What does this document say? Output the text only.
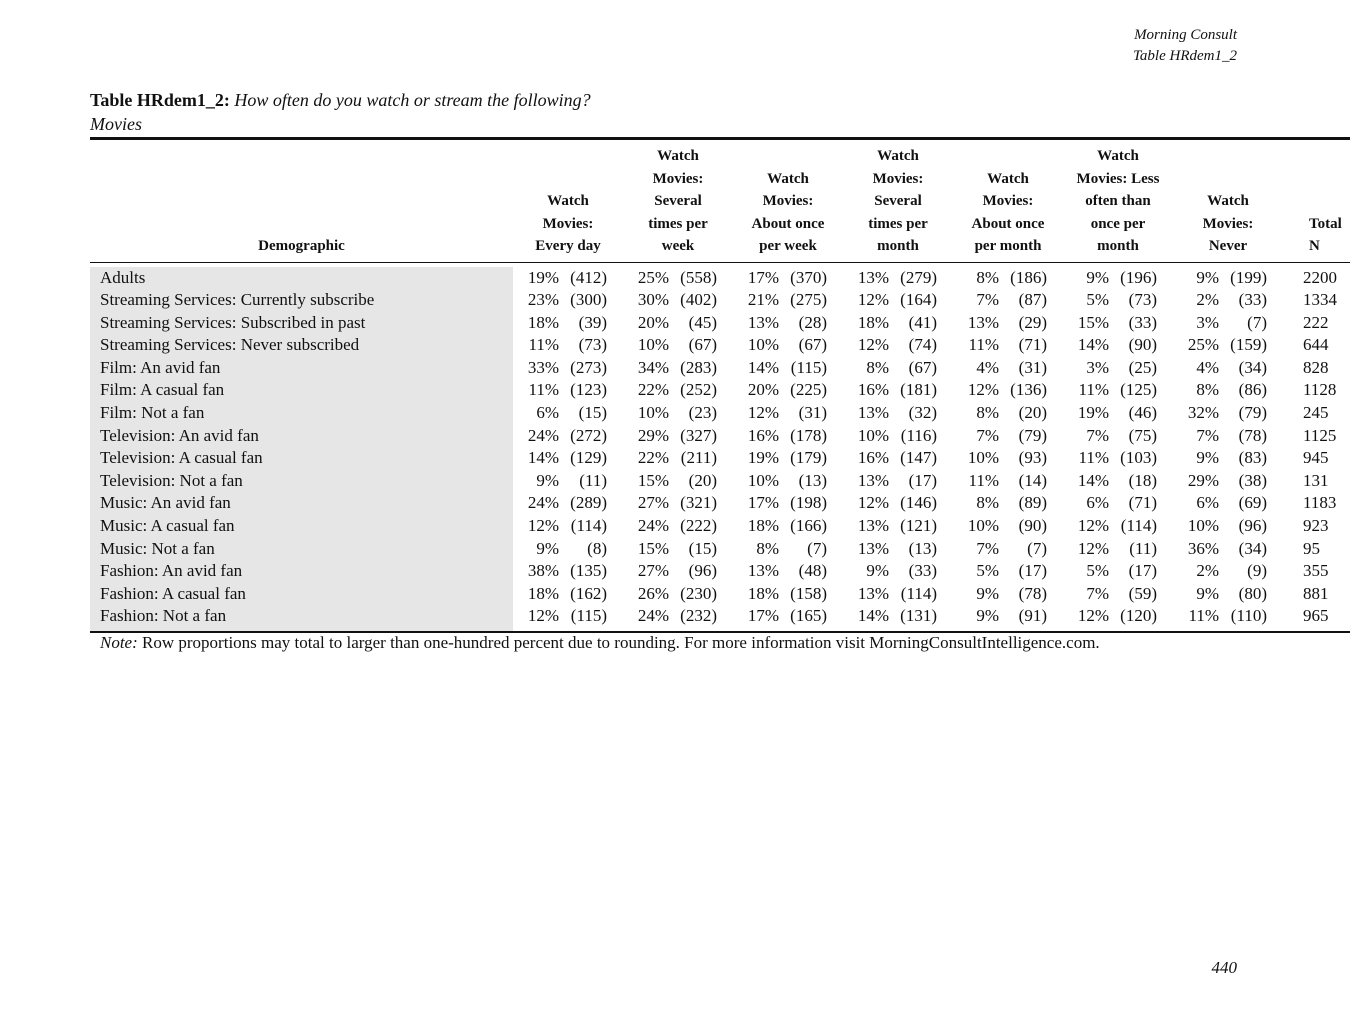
Morning Consult
Table HRdem1_2
Table HRdem1_2: How often do you watch or stream the following?
Movies

Demographic	Watch
Movies:
Every day	Watch
Movies:
Several
times per
week	Watch
Movies:
About once
per week	Watch
Movies:
Several
times per
month	Watch
Movies:
About once
per month	Watch
Movies: Less
often than
once per
month	Watch
Movies:
Never	Total N

Adults	19% (412)	25% (558)	17% (370)	13% (279)	8% (186)	9% (196)	9% (199)	2200
Streaming Services: Currently subscribe	23% (300)	30% (402)	21% (275)	12% (164)	7% (87)	5% (73)	2% (33)	1334
Streaming Services: Subscribed in past	18% (39)	20% (45)	13% (28)	18% (41)	13% (29)	15% (33)	3% (7)	222
Streaming Services: Never subscribed	11% (73)	10% (67)	10% (67)	12% (74)	11% (71)	14% (90)	25% (159)	644
Film: An avid fan	33% (273)	34% (283)	14% (115)	8% (67)	4% (31)	3% (25)	4% (34)	828
Film: A casual fan	11% (123)	22% (252)	20% (225)	16% (181)	12% (136)	11% (125)	8% (86)	1128
Film: Not a fan	6% (15)	10% (23)	12% (31)	13% (32)	8% (20)	19% (46)	32% (79)	245
Television: An avid fan	24% (272)	29% (327)	16% (178)	10% (116)	7% (79)	7% (75)	7% (78)	1125
Television: A casual fan	14% (129)	22% (211)	19% (179)	16% (147)	10% (93)	11% (103)	9% (83)	945
Television: Not a fan	9% (11)	15% (20)	10% (13)	13% (17)	11% (14)	14% (18)	29% (38)	131
Music: An avid fan	24% (289)	27% (321)	17% (198)	12% (146)	8% (89)	6% (71)	6% (69)	1183
Music: A casual fan	12% (114)	24% (222)	18% (166)	13% (121)	10% (90)	12% (114)	10% (96)	923
Music: Not a fan	9% (8)	15% (15)	8% (7)	13% (13)	7% (7)	12% (11)	36% (34)	95
Fashion: An avid fan	38% (135)	27% (96)	13% (48)	9% (33)	5% (17)	5% (17)	2% (9)	355
Fashion: A casual fan	18% (162)	26% (230)	18% (158)	13% (114)	9% (78)	7% (59)	9% (80)	881
Fashion: Not a fan	12% (115)	24% (232)	17% (165)	14% (131)	9% (91)	12% (120)	11% (110)	965

Note: Row proportions may total to larger than one-hundred percent due to rounding. For more information visit MorningConsultIntelligence.com.
440
